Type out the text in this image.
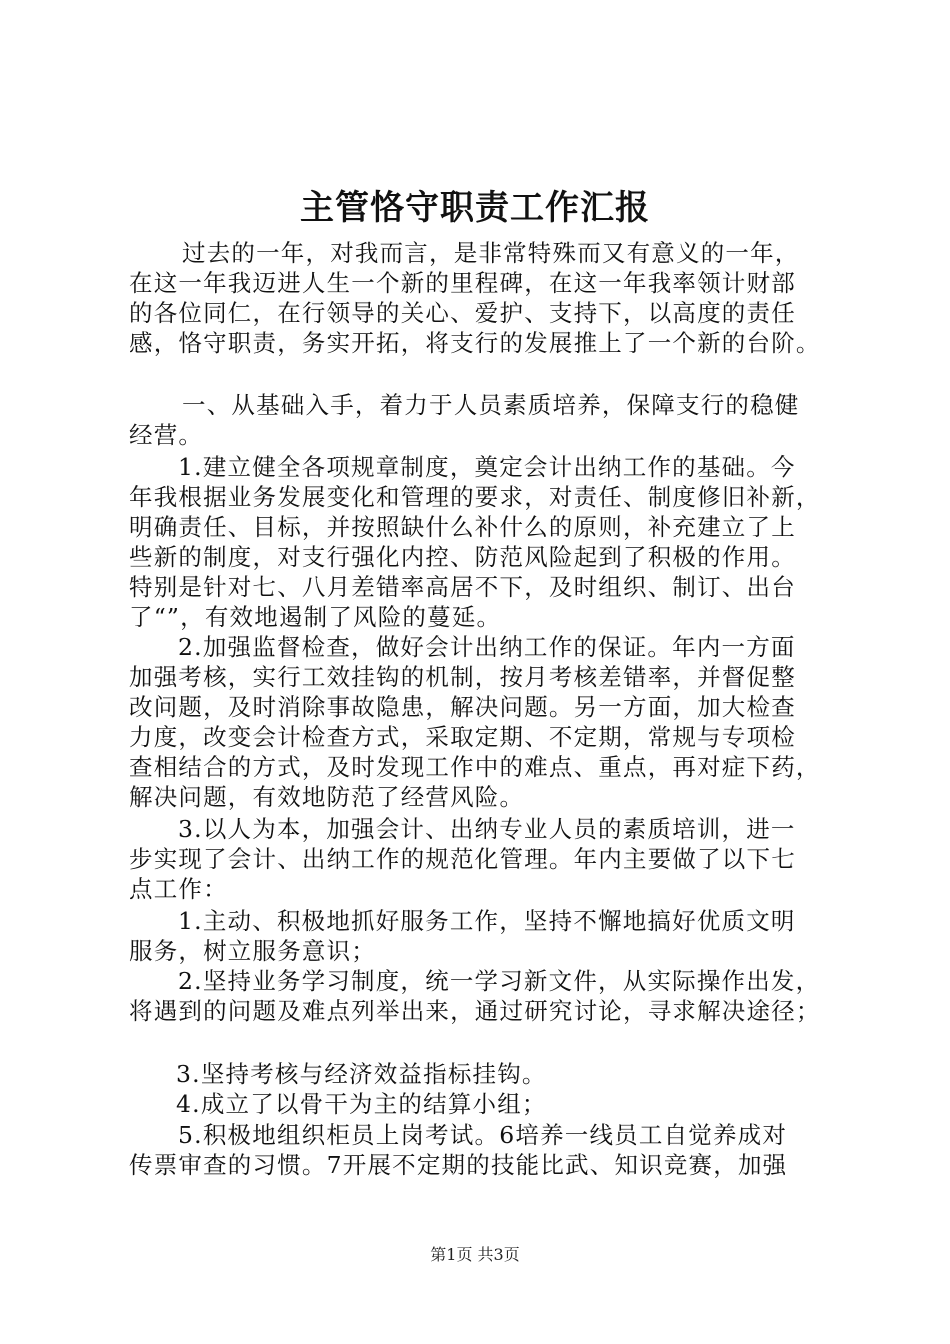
主管恪守职责工作汇报
过去的一年，对我而言，是非常特殊而又有意义的一年，
在这一年我迈进人生一个新的里程碑，在这一年我率领计财部
的各位同仁，在行领导的关心、爱护、支持下，以高度的责任
感，恪守职责，务实开拓，将支行的发展推上了一个新的台阶。
一、从基础入手，着力于人员素质培养，保障支行的稳健
经营。
1.建立健全各项规章制度，奠定会计出纳工作的基础。今
年我根据业务发展变化和管理的要求，对责任、制度修旧补新，
明确责任、目标，并按照缺什么补什么的原则，补充建立了上
些新的制度，对支行强化内控、防范风险起到了积极的作用。
特别是针对七、八月差错率高居不下，及时组织、制订、出台
了“”，有效地遏制了风险的蔓延。
2.加强监督检查，做好会计出纳工作的保证。年内一方面
加强考核，实行工效挂钩的机制，按月考核差错率，并督促整
改问题，及时消除事故隐患，解决问题。另一方面，加大检查
力度，改变会计检查方式，采取定期、不定期，常规与专项检
查相结合的方式，及时发现工作中的难点、重点，再对症下药，
解决问题，有效地防范了经营风险。
3.以人为本，加强会计、出纳专业人员的素质培训，进一
步实现了会计、出纳工作的规范化管理。年内主要做了以下七
点工作：
1.主动、积极地抓好服务工作，坚持不懈地搞好优质文明
服务，树立服务意识；
2.坚持业务学习制度，统一学习新文件，从实际操作出发，
将遇到的问题及难点列举出来，通过研究讨论，寻求解决途径；
3.坚持考核与经济效益指标挂钩。
4.成立了以骨干为主的结算小组；
5.积极地组织柜员上岗考试。6培养一线员工自觉养成对
传票审查的习惯。7开展不定期的技能比武、知识竞赛，加强
第1页 共3页
